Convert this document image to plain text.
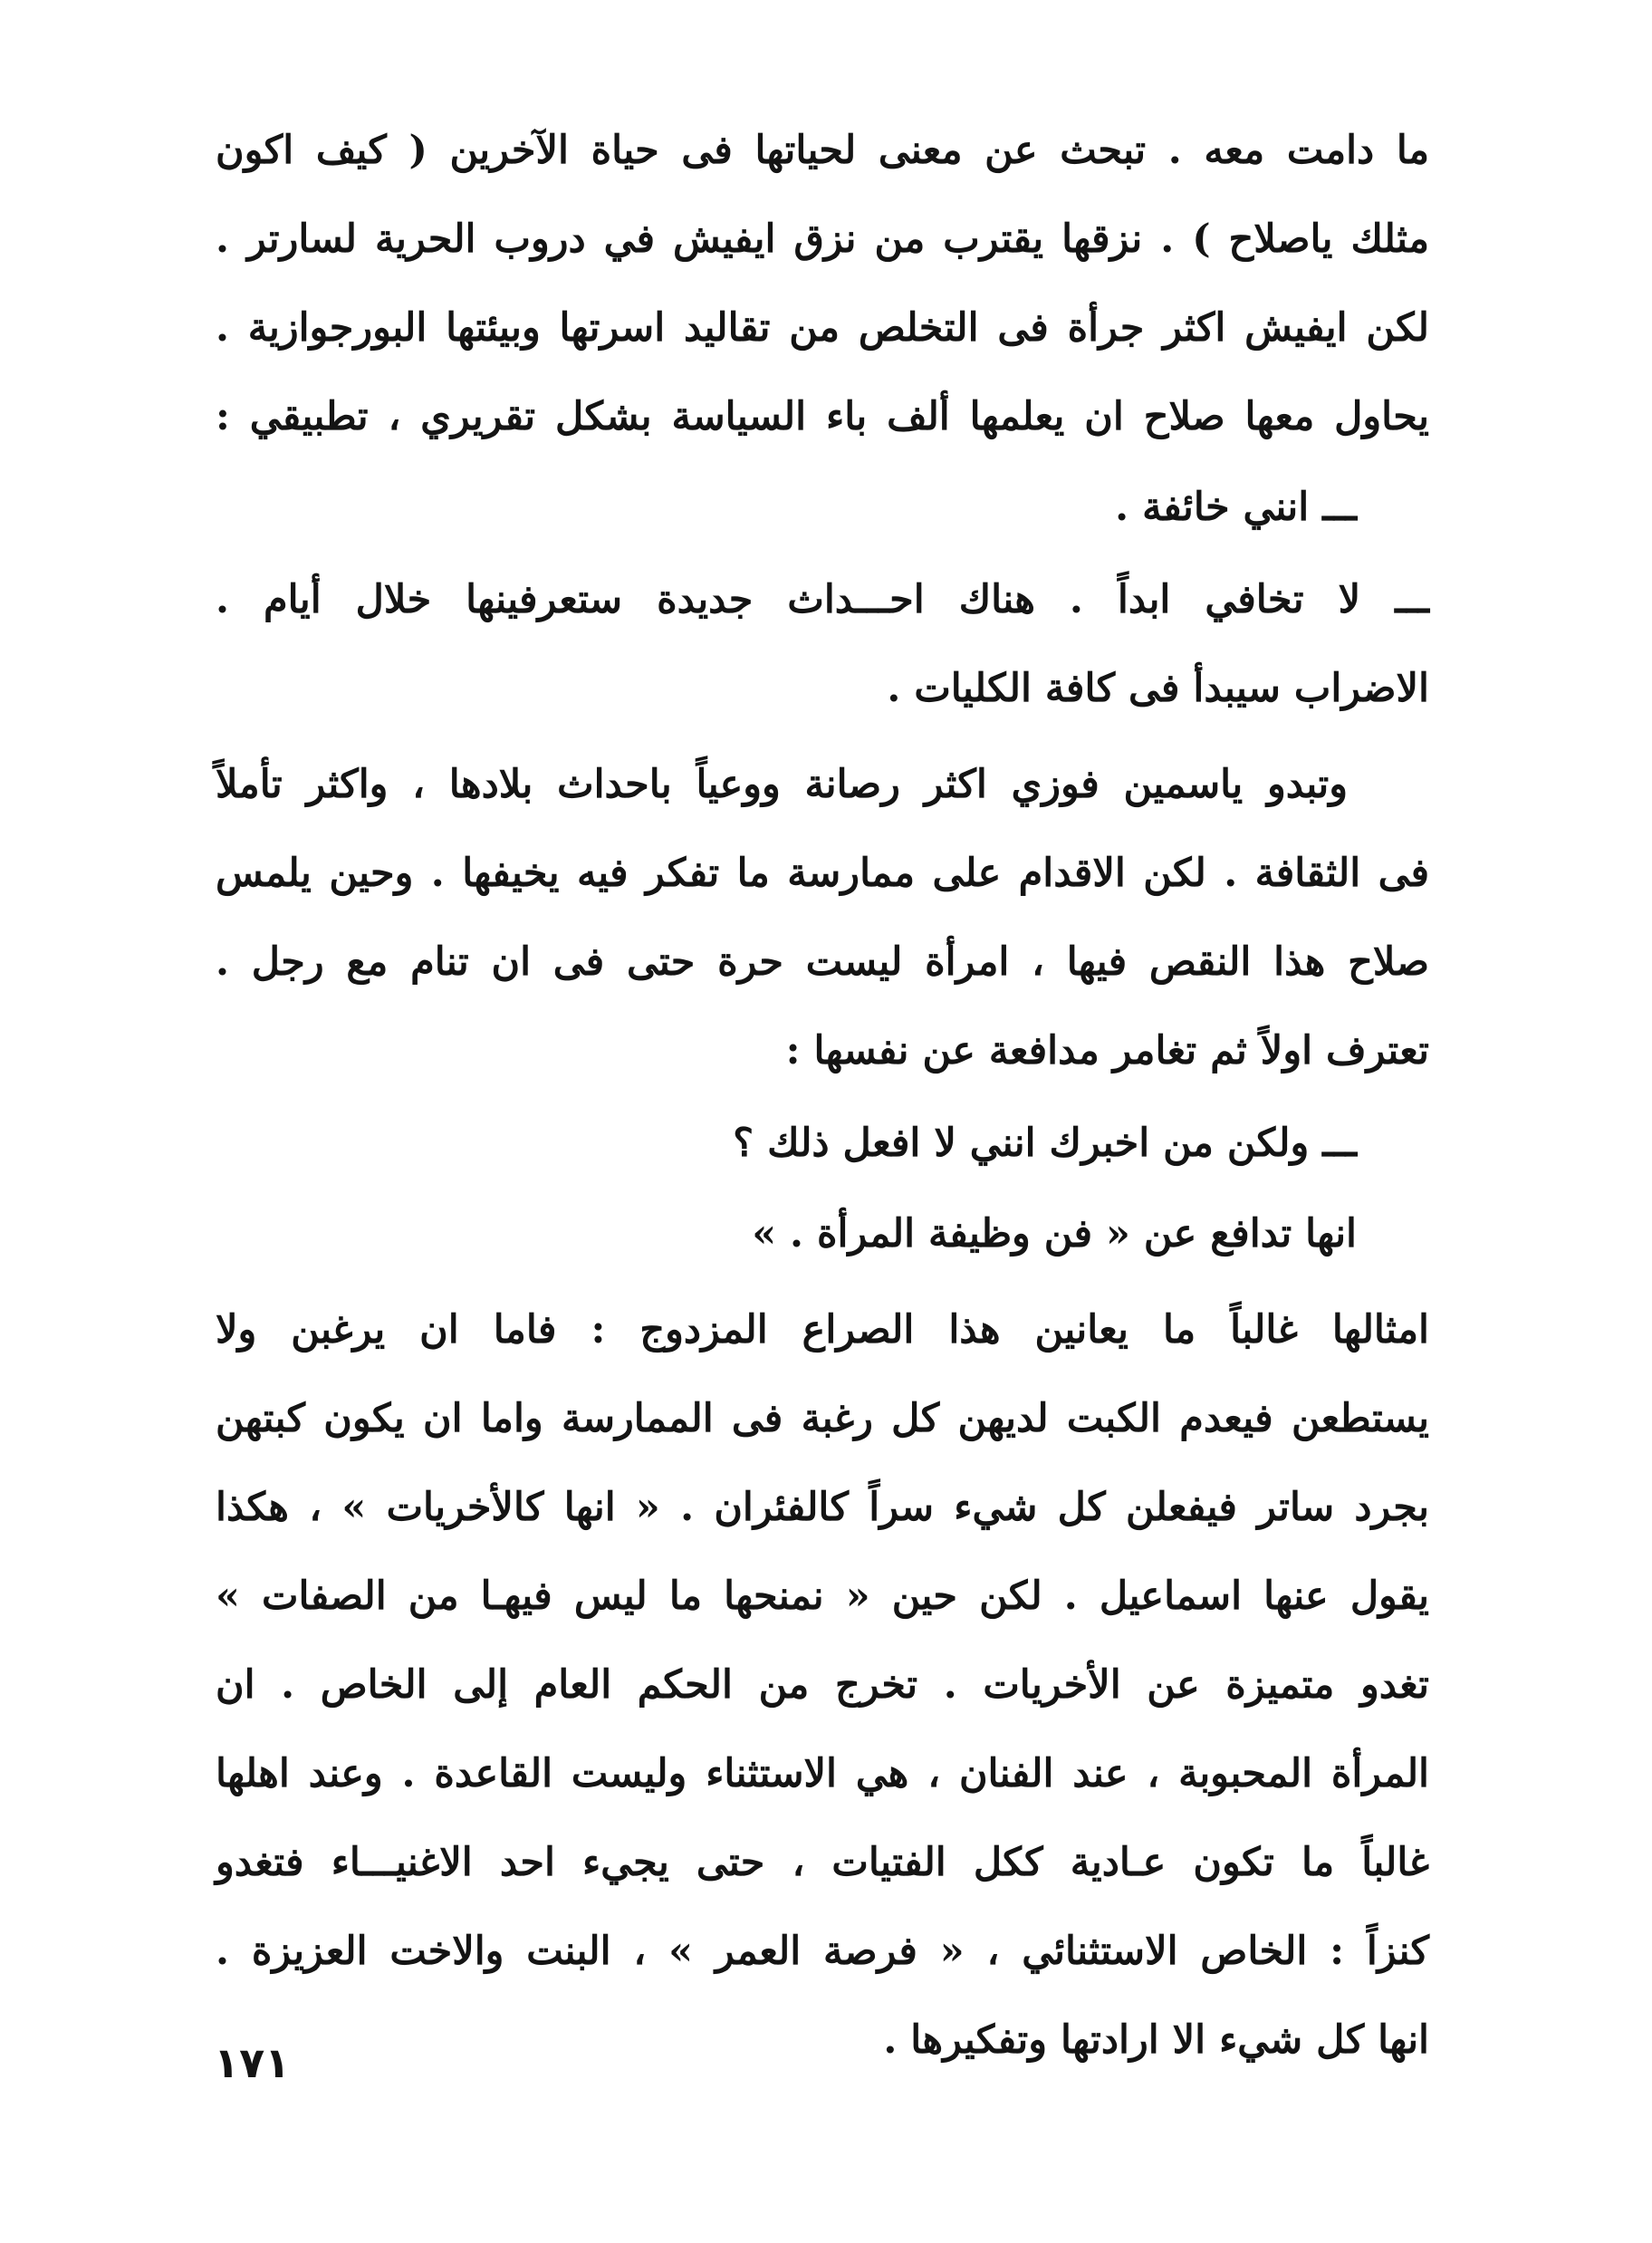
ما دامت معه . تبحث عن معنى لحياتها فى حياة الآخرين ( كيف اكون
مثلك ياصلاح ) . نزقها يقترب من نزق ايفيش في دروب الحرية لسارتر .
لكن ايفيش اكثر جرأة فى التخلص من تقاليد اسرتها وبيئتها البورجوازية .
يحاول معها صلاح ان يعلمها ألف باء السياسة بشكل تقريري ، تطبيقي :
ـــ انني خائفة .
ـــ لا تخافي ابداً . هناك احـــداث جديدة ستعرفينها خلال أيام .
الاضراب سيبدأ فى كافة الكليات .
وتبدو ياسمين فوزي اكثر رصانة ووعياً باحداث بلادها ، واكثر تأملاً
فى الثقافة . لكن الاقدام على ممارسة ما تفكر فيه يخيفها . وحين يلمس
صلاح هذا النقص فيها ، امرأة ليست حرة حتى فى ان تنام مع رجل .
تعترف اولاً ثم تغامر مدافعة عن نفسها :
ـــ ولكن من اخبرك انني لا افعل ذلك ؟
انها تدافع عن « فن وظيفة المرأة . »
امثالها غالباً ما يعانين هذا الصراع المزدوج : فاما ان يرغبن ولا
يستطعن فيعدم الكبت لديهن كل رغبة فى الممارسة واما ان يكون كبتهن
بجرد ساتر فيفعلن كل شيء سراً كالفئران . « انها كالأخريات » ، هكذا
يقول عنها اسماعيل . لكن حين « نمنحها ما ليس فيهـا من الصفات »
تغدو متميزة عن الأخريات . تخرج من الحكم العام إلى الخاص . ان
المرأة المحبوبة ، عند الفنان ، هي الاستثناء وليست القاعدة . وعند اهلها
غالباً ما تكون عـادية ككل الفتيات ، حتى يجيء احد الاغنيـــاء فتغدو
كنزاً : الخاص الاستثنائي ، « فرصة العمر » ، البنت والاخت العزيزة .
انها كل شيء الا ارادتها وتفكيرها .
١٧١
